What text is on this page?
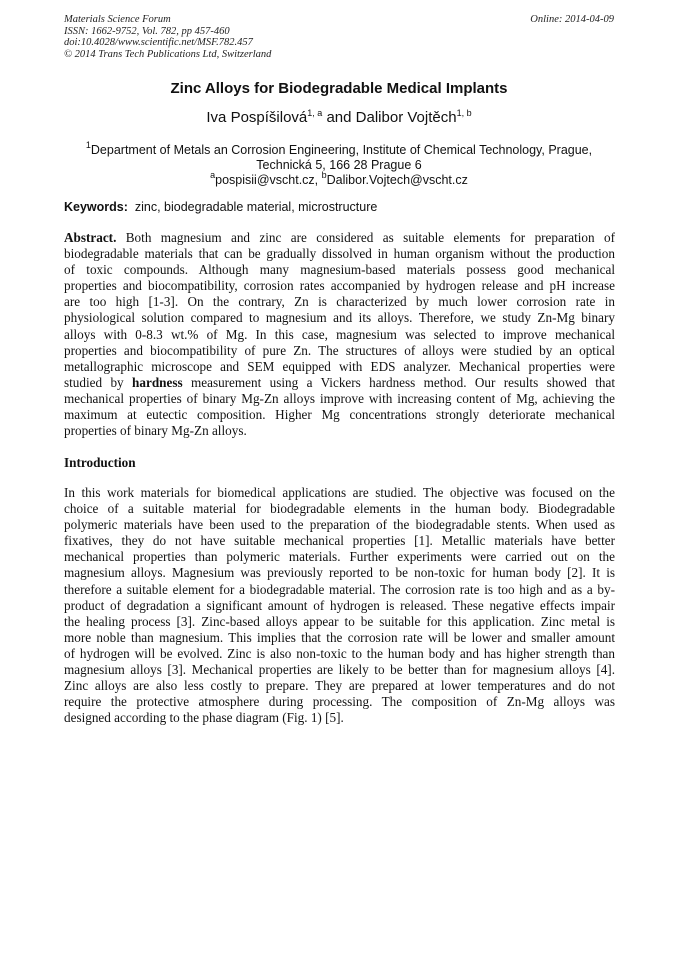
Materials Science Forum
ISSN: 1662-9752, Vol. 782, pp 457-460
doi:10.4028/www.scientific.net/MSF.782.457
© 2014 Trans Tech Publications Ltd, Switzerland
Online: 2014-04-09
Zinc Alloys for Biodegradable Medical Implants
Iva Pospíšilová$^{1, a}$ and Dalibor Vojtěch$^{1, b}$
$^1$Department of Metals an Corrosion Engineering, Institute of Chemical Technology, Prague,
Technická 5, 166 28 Prague 6
$^a$pospisii@vscht.cz, $^b$Dalibor.Vojtech@vscht.cz
Keywords: zinc, biodegradable material, microstructure
Abstract. Both magnesium and zinc are considered as suitable elements for preparation of
biodegradable materials that can be gradually dissolved in human organism without the production
of toxic compounds. Although many magnesium-based materials possess good mechanical
properties and biocompatibility, corrosion rates accompanied by hydrogen release and pH increase
are too high [1-3]. On the contrary, Zn is characterized by much lower corrosion rate in
physiological solution compared to magnesium and its alloys. Therefore, we study Zn-Mg binary
alloys with 0-8.3 wt.% of Mg. In this case, magnesium was selected to improve mechanical
properties and biocompatibility of pure Zn. The structures of alloys were studied by an optical
metallographic microscope and SEM equipped with EDS analyzer. Mechanical properties were
studied by hardness measurement using a Vickers hardness method. Our results showed that
mechanical properties of binary Mg-Zn alloys improve with increasing content of Mg, achieving the
maximum at eutectic composition. Higher Mg concentrations strongly deteriorate mechanical
properties of binary Mg-Zn alloys.
Introduction
In this work materials for biomedical applications are studied. The objective was focused on the
choice of a suitable material for biodegradable elements in the human body. Biodegradable
polymeric materials have been used to the preparation of the biodegradable stents. When used as
fixatives, they do not have suitable mechanical properties [1]. Metallic materials have better
mechanical properties than polymeric materials. Further experiments were carried out on the
magnesium alloys. Magnesium was previously reported to be non-toxic for human body [2]. It is
therefore a suitable element for a biodegradable material. The corrosion rate is too high and as a by-
product of degradation a significant amount of hydrogen is released. These negative effects impair
the healing process [3]. Zinc-based alloys appear to be suitable for this application. Zinc metal is
more noble than magnesium. This implies that the corrosion rate will be lower and smaller amount
of hydrogen will be evolved. Zinc is also non-toxic to the human body and has higher strength than
magnesium alloys [3]. Mechanical properties are likely to be better than for magnesium alloys [4].
Zinc alloys are also less costly to prepare. They are prepared at lower temperatures and do not
require the protective atmosphere during processing. The composition of Zn-Mg alloys was
designed according to the phase diagram (Fig. 1) [5].
